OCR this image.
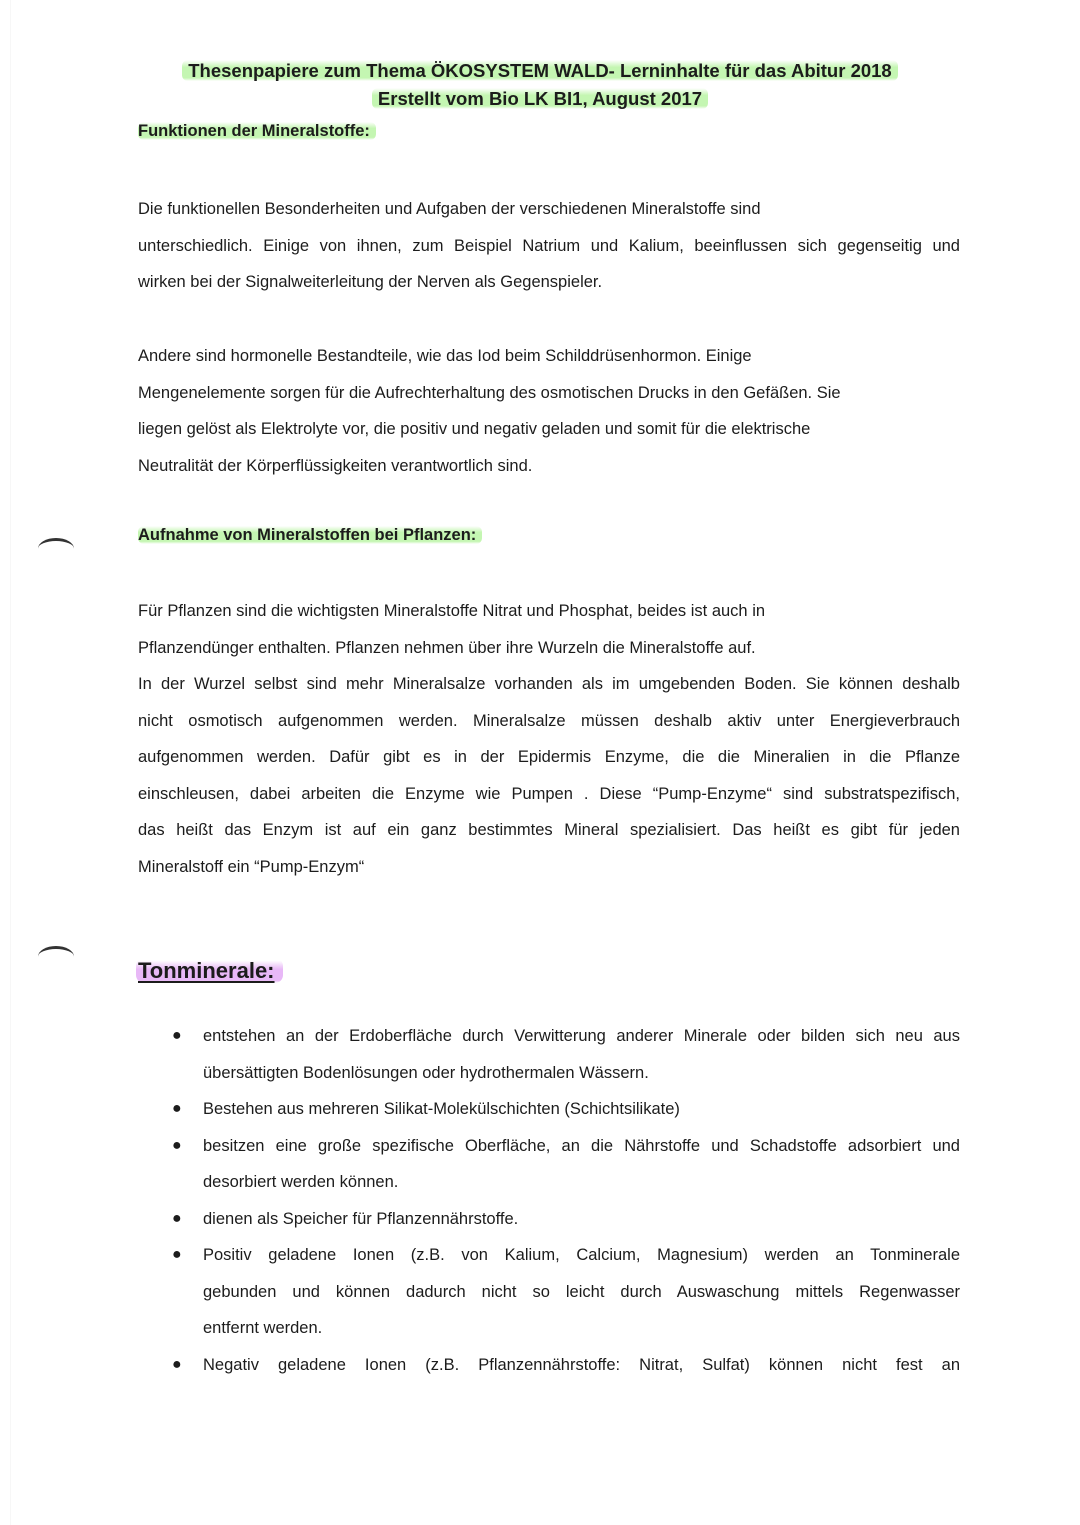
Thesenpapiere zum Thema ÖKOSYSTEM WALD- Lerninhalte für das Abitur 2018
Erstellt vom Bio LK BI1, August 2017
Funktionen der Mineralstoffe:
Die funktionellen Besonderheiten und Aufgaben der verschiedenen Mineralstoffe sind
unterschiedlich. Einige von ihnen, zum Beispiel Natrium und Kalium, beeinflussen sich gegenseitig und
wirken bei der Signalweiterleitung der Nerven als Gegenspieler.
Andere sind hormonelle Bestandteile, wie das Iod beim Schilddrüsenhormon. Einige
Mengenelemente sorgen für die Aufrechterhaltung des osmotischen Drucks in den Gefäßen. Sie
liegen gelöst als Elektrolyte vor, die positiv und negativ geladen und somit für die elektrische
Neutralität der Körperflüssigkeiten verantwortlich sind.
Aufnahme von Mineralstoffen bei Pflanzen:
Für Pflanzen sind die wichtigsten Mineralstoffe Nitrat und Phosphat, beides ist auch in
Pflanzendünger enthalten. Pflanzen nehmen über ihre Wurzeln die Mineralstoffe auf.
In der Wurzel selbst sind mehr Mineralsalze vorhanden als im umgebenden Boden. Sie können deshalb
nicht osmotisch aufgenommen werden. Mineralsalze müssen deshalb aktiv unter Energieverbrauch
aufgenommen werden. Dafür gibt es in der Epidermis Enzyme, die die Mineralien in die Pflanze
einschleusen, dabei arbeiten die Enzyme wie Pumpen . Diese “Pump-Enzyme“ sind substratspezifisch,
das heißt das Enzym ist auf ein ganz bestimmtes Mineral spezialisiert. Das heißt es gibt für jeden
Mineralstoff ein “Pump-Enzym“
Tonminerale:
● entstehen an der Erdoberfläche durch Verwitterung anderer Minerale oder bilden sich neu aus
übersättigten Bodenlösungen oder hydrothermalen Wässern.
● Bestehen aus mehreren Silikat-Molekülschichten (Schichtsilikate)
● besitzen eine große spezifische Oberfläche, an die Nährstoffe und Schadstoffe adsorbiert und
desorbiert werden können.
● dienen als Speicher für Pflanzennährstoffe.
● Positiv geladene Ionen (z.B. von Kalium, Calcium, Magnesium) werden an Tonminerale
gebunden und können dadurch nicht so leicht durch Auswaschung mittels Regenwasser
entfernt werden.
● Negativ geladene Ionen (z.B. Pflanzennährstoffe: Nitrat, Sulfat) können nicht fest an
